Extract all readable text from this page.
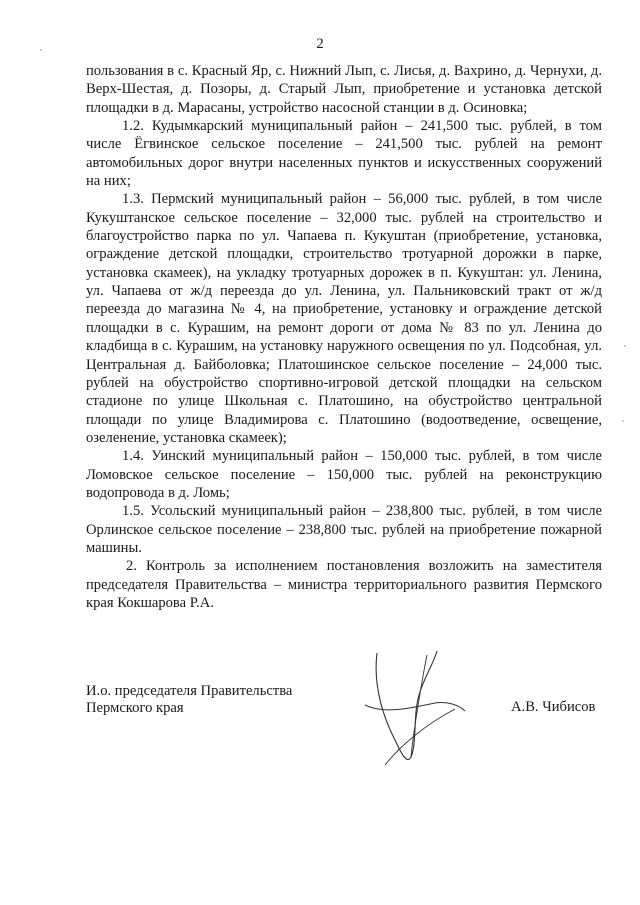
2

пользования в с. Красный Яр, с. Нижний Лып, с. Лисья, д. Вахрино, д. Чернухи, д. Верх-Шестая, д. Позоры, д. Старый Лып, приобретение и установка детской площадки в д. Марасаны, устройство насосной станции в д. Осиновка;

1.2. Кудымкарский муниципальный район – 241,500 тыс. рублей, в том числе Ёгвинское сельское поселение – 241,500 тыс. рублей на ремонт автомобильных дорог внутри населенных пунктов и искусственных сооружений на них;

1.3. Пермский муниципальный район – 56,000 тыс. рублей, в том числе Кукуштанское сельское поселение – 32,000 тыс. рублей на строительство и благоустройство парка по ул. Чапаева п. Кукуштан (приобретение, установка, ограждение детской площадки, строительство тротуарной дорожки в парке, установка скамеек), на укладку тротуарных дорожек в п. Кукуштан: ул. Ленина, ул. Чапаева от ж/д переезда до ул. Ленина, ул. Пальниковский тракт от ж/д переезда до магазина № 4, на приобретение, установку и ограждение детской площадки в с. Курашим, на ремонт дороги от дома № 83 по ул. Ленина до кладбища в с. Курашим, на установку наружного освещения по ул. Подсобная, ул. Центральная д. Байболовка; Платошинское сельское поселение – 24,000 тыс. рублей на обустройство спортивно-игровой детской площадки на сельском стадионе по улице Школьная с. Платошино, на обустройство центральной площади по улице Владимирова с. Платошино (водоотведение, освещение, озеленение, установка скамеек);

1.4. Уинский муниципальный район – 150,000 тыс. рублей, в том числе Ломовское сельское поселение – 150,000 тыс. рублей на реконструкцию водопровода в д. Ломь;

1.5. Усольский муниципальный район – 238,800 тыс. рублей, в том числе Орлинское сельское поселение – 238,800 тыс. рублей на приобретение пожарной машины.

2. Контроль за исполнением постановления возложить на заместителя председателя Правительства – министра территориального развития Пермского края Кокшарова Р.А.

И.о. председателя Правительства
Пермского края	А.В. Чибисов
